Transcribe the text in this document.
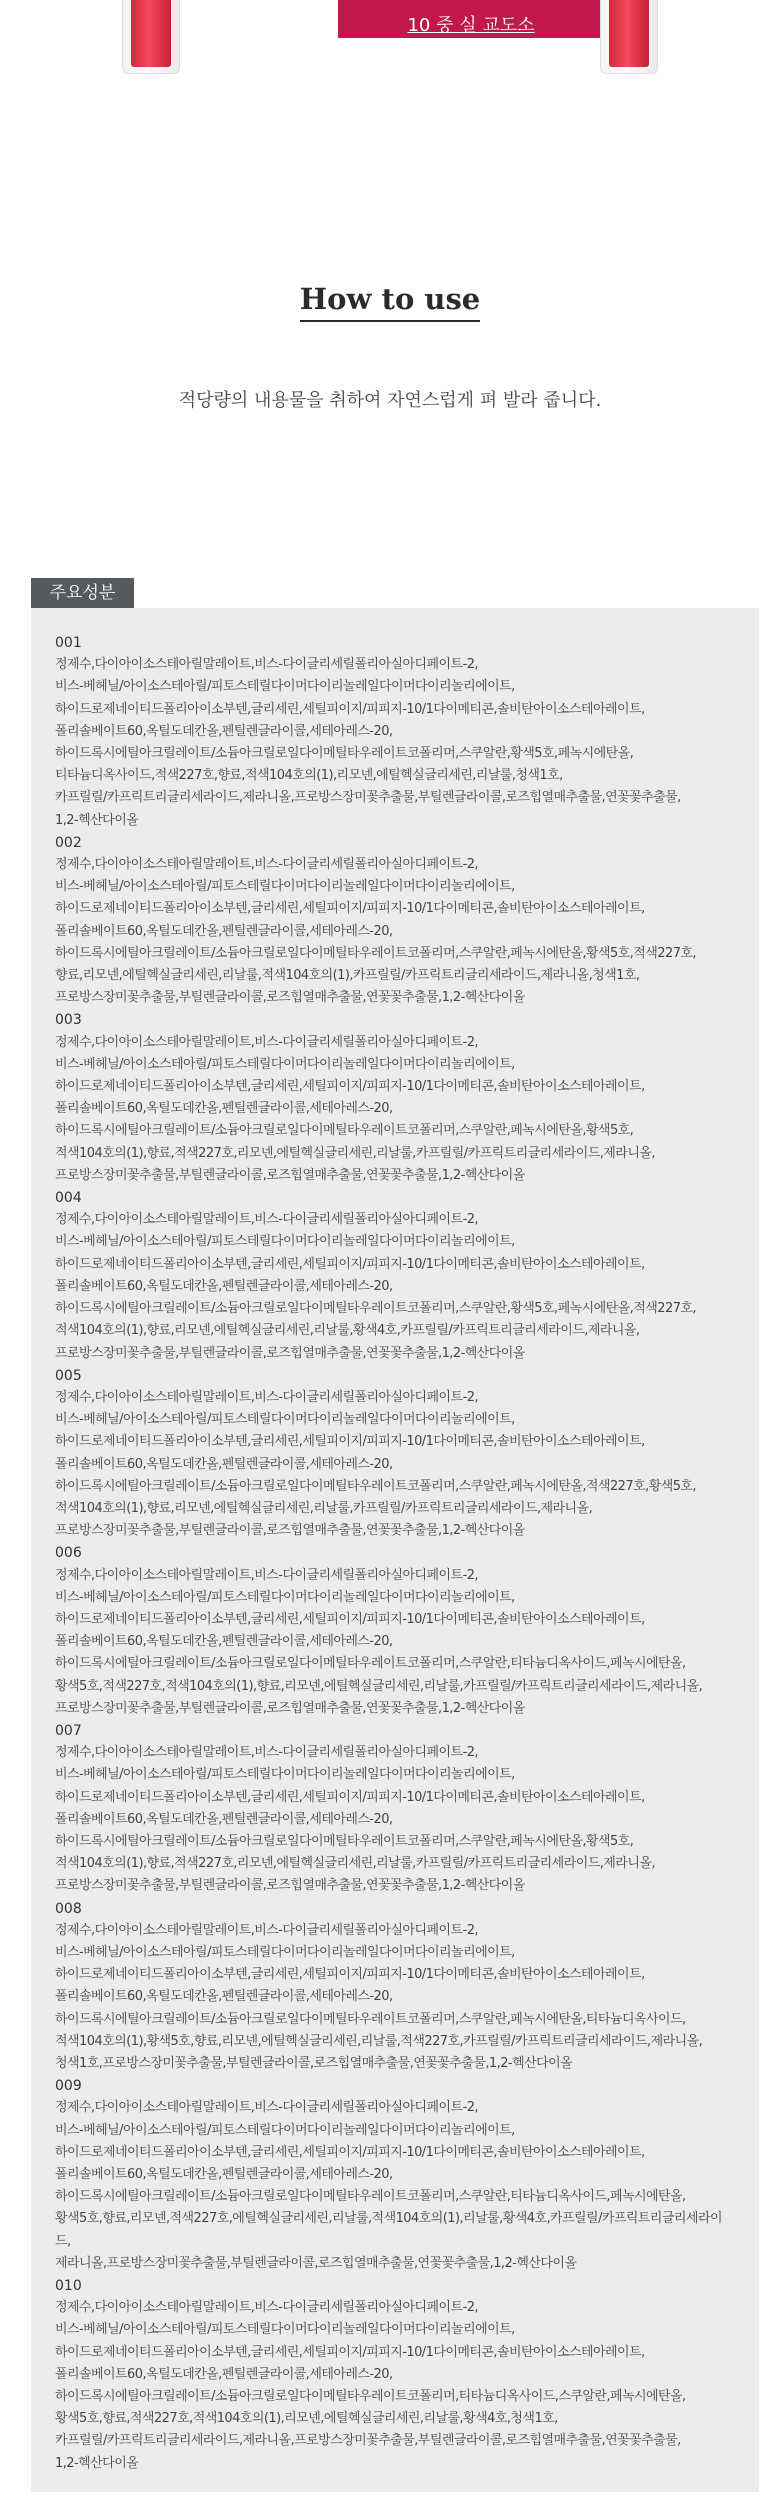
10 중 실 교도소
How to use
적당량의 내용물을 취하여 자연스럽게 펴 발라 줍니다.
주요성분
001
정제수,다이아이소스테아릴말레이트,비스-다이글리세릴폴리아실아디페이트-2,
비스-베헤닐/아이소스테아릴/피토스테릴다이머다이리놀레일다이머다이리놀리에이트,
하이드로제네이티드폴리아이소부텐,글리세린,세틸피이지/피피지-10/1다이메티콘,솔비탄아이소스테아레이트,
폴리솔베이트60,옥틸도데칸올,펜틸렌글라이콜,세테아레스-20,
하이드록시에틸아크릴레이트/소듐아크릴로일다이메틸타우레이트코폴리머,스쿠알란,황색5호,페녹시에탄올,
티타늄디옥사이드,적색227호,향료,적색104호의(1),리모넨,에틸헥실글리세린,리날룰,청색1호,
카프릴릴/카프릭트리글리세라이드,제라니올,프로방스장미꽃추출물,부틸렌글라이콜,로즈힙열매추출물,연꽃꽃추출물,
1,2-헥산다이올
002
정제수,다이아이소스테아릴말레이트,비스-다이글리세릴폴리아실아디페이트-2,
비스-베헤닐/아이소스테아릴/피토스테릴다이머다이리놀레일다이머다이리놀리에이트,
하이드로제네이티드폴리아이소부텐,글리세린,세틸피이지/피피지-10/1다이메티콘,솔비탄아이소스테아레이트,
폴리솔베이트60,옥틸도데칸올,펜틸렌글라이콜,세테아레스-20,
하이드록시에틸아크릴레이트/소듐아크릴로일다이메틸타우레이트코폴리머,스쿠알란,페녹시에탄올,황색5호,적색227호,
향료,리모넨,에틸헥실글리세린,리날룰,적색104호의(1),카프릴릴/카프릭트리글리세라이드,제라니올,청색1호,
프로방스장미꽃추출물,부틸렌글라이콜,로즈힙열매추출물,연꽃꽃추출물,1,2-헥산다이올
003
정제수,다이아이소스테아릴말레이트,비스-다이글리세릴폴리아실아디페이트-2,
비스-베헤닐/아이소스테아릴/피토스테릴다이머다이리놀레일다이머다이리놀리에이트,
하이드로제네이티드폴리아이소부텐,글리세린,세틸피이지/피피지-10/1다이메티콘,솔비탄아이소스테아레이트,
폴리솔베이트60,옥틸도데칸올,펜틸렌글라이콜,세테아레스-20,
하이드록시에틸아크릴레이트/소듐아크릴로일다이메틸타우레이트코폴리머,스쿠알란,페녹시에탄올,황색5호,
적색104호의(1),향료,적색227호,리모넨,에틸헥실글리세린,리날룰,카프릴릴/카프릭트리글리세라이드,제라니올,
프로방스장미꽃추출물,부틸렌글라이콜,로즈힙열매추출물,연꽃꽃추출물,1,2-헥산다이올
004
정제수,다이아이소스테아릴말레이트,비스-다이글리세릴폴리아실아디페이트-2,
비스-베헤닐/아이소스테아릴/피토스테릴다이머다이리놀레일다이머다이리놀리에이트,
하이드로제네이티드폴리아이소부텐,글리세린,세틸피이지/피피지-10/1다이메티콘,솔비탄아이소스테아레이트,
폴리솔베이트60,옥틸도데칸올,펜틸렌글라이콜,세테아레스-20,
하이드록시에틸아크릴레이트/소듐아크릴로일다이메틸타우레이트코폴리머,스쿠알란,황색5호,페녹시에탄올,적색227호,
적색104호의(1),향료,리모넨,에틸헥실글리세린,리날룰,황색4호,카프릴릴/카프릭트리글리세라이드,제라니올,
프로방스장미꽃추출물,부틸렌글라이콜,로즈힙열매추출물,연꽃꽃추출물,1,2-헥산다이올
005
정제수,다이아이소스테아릴말레이트,비스-다이글리세릴폴리아실아디페이트-2,
비스-베헤닐/아이소스테아릴/피토스테릴다이머다이리놀레일다이머다이리놀리에이트,
하이드로제네이티드폴리아이소부텐,글리세린,세틸피이지/피피지-10/1다이메티콘,솔비탄아이소스테아레이트,
폴리솔베이트60,옥틸도데칸올,펜틸렌글라이콜,세테아레스-20,
하이드록시에틸아크릴레이트/소듐아크릴로일다이메틸타우레이트코폴리머,스쿠알란,페녹시에탄올,적색227호,황색5호,
적색104호의(1),향료,리모넨,에틸헥실글리세린,리날룰,카프릴릴/카프릭트리글리세라이드,제라니올,
프로방스장미꽃추출물,부틸렌글라이콜,로즈힙열매추출물,연꽃꽃추출물,1,2-헥산다이올
006
정제수,다이아이소스테아릴말레이트,비스-다이글리세릴폴리아실아디페이트-2,
비스-베헤닐/아이소스테아릴/피토스테릴다이머다이리놀레일다이머다이리놀리에이트,
하이드로제네이티드폴리아이소부텐,글리세린,세틸피이지/피피지-10/1다이메티콘,솔비탄아이소스테아레이트,
폴리솔베이트60,옥틸도데칸올,펜틸렌글라이콜,세테아레스-20,
하이드록시에틸아크릴레이트/소듐아크릴로일다이메틸타우레이트코폴리머,스쿠알란,티타늄디옥사이드,페녹시에탄올,
황색5호,적색227호,적색104호의(1),향료,리모넨,에틸헥실글리세린,리날룰,카프릴릴/카프릭트리글리세라이드,제라니올,
프로방스장미꽃추출물,부틸렌글라이콜,로즈힙열매추출물,연꽃꽃추출물,1,2-헥산다이올
007
정제수,다이아이소스테아릴말레이트,비스-다이글리세릴폴리아실아디페이트-2,
비스-베헤닐/아이소스테아릴/피토스테릴다이머다이리놀레일다이머다이리놀리에이트,
하이드로제네이티드폴리아이소부텐,글리세린,세틸피이지/피피지-10/1다이메티콘,솔비탄아이소스테아레이트,
폴리솔베이트60,옥틸도데칸올,펜틸렌글라이콜,세테아레스-20,
하이드록시에틸아크릴레이트/소듐아크릴로일다이메틸타우레이트코폴리머,스쿠알란,페녹시에탄올,황색5호,
적색104호의(1),향료,적색227호,리모넨,에틸헥실글리세린,리날룰,카프릴릴/카프릭트리글리세라이드,제라니올,
프로방스장미꽃추출물,부틸렌글라이콜,로즈힙열매추출물,연꽃꽃추출물,1,2-헥산다이올
008
정제수,다이아이소스테아릴말레이트,비스-다이글리세릴폴리아실아디페이트-2,
비스-베헤닐/아이소스테아릴/피토스테릴다이머다이리놀레일다이머다이리놀리에이트,
하이드로제네이티드폴리아이소부텐,글리세린,세틸피이지/피피지-10/1다이메티콘,솔비탄아이소스테아레이트,
폴리솔베이트60,옥틸도데칸올,펜틸렌글라이콜,세테아레스-20,
하이드록시에틸아크릴레이트/소듐아크릴로일다이메틸타우레이트코폴리머,스쿠알란,페녹시에탄올,티타늄디옥사이드,
적색104호의(1),황색5호,향료,리모넨,에틸헥실글리세린,리날룰,적색227호,카프릴릴/카프릭트리글리세라이드,제라니올,
청색1호,프로방스장미꽃추출물,부틸렌글라이콜,로즈힙열매추출물,연꽃꽃추출물,1,2-헥산다이올
009
정제수,다이아이소스테아릴말레이트,비스-다이글리세릴폴리아실아디페이트-2,
비스-베헤닐/아이소스테아릴/피토스테릴다이머다이리놀레일다이머다이리놀리에이트,
하이드로제네이티드폴리아이소부텐,글리세린,세틸피이지/피피지-10/1다이메티콘,솔비탄아이소스테아레이트,
폴리솔베이트60,옥틸도데칸올,펜틸렌글라이콜,세테아레스-20,
하이드록시에틸아크릴레이트/소듐아크릴로일다이메틸타우레이트코폴리머,스쿠알란,티타늄디옥사이드,페녹시에탄올,
황색5호,향료,리모넨,적색227호,에틸헥실글리세린,리날룰,적색104호의(1),리날룰,황색4호,카프릴릴/카프릭트리글리세라이드,
제라니올,프로방스장미꽃추출물,부틸렌글라이콜,로즈힙열매추출물,연꽃꽃추출물,1,2-헥산다이올
010
정제수,다이아이소스테아릴말레이트,비스-다이글리세릴폴리아실아디페이트-2,
비스-베헤닐/아이소스테아릴/피토스테릴다이머다이리놀레일다이머다이리놀리에이트,
하이드로제네이티드폴리아이소부텐,글리세린,세틸피이지/피피지-10/1다이메티콘,솔비탄아이소스테아레이트,
폴리솔베이트60,옥틸도데칸올,펜틸렌글라이콜,세테아레스-20,
하이드록시에틸아크릴레이트/소듐아크릴로일다이메틸타우레이트코폴리머,티타늄디옥사이드,스쿠알란,페녹시에탄올,
황색5호,향료,적색227호,적색104호의(1),리모넨,에틸헥실글리세린,리날룰,황색4호,청색1호,
카프릴릴/카프릭트리글리세라이드,제라니올,프로방스장미꽃추출물,부틸렌글라이콜,로즈힙열매추출물,연꽃꽃추출물,
1,2-헥산다이올
